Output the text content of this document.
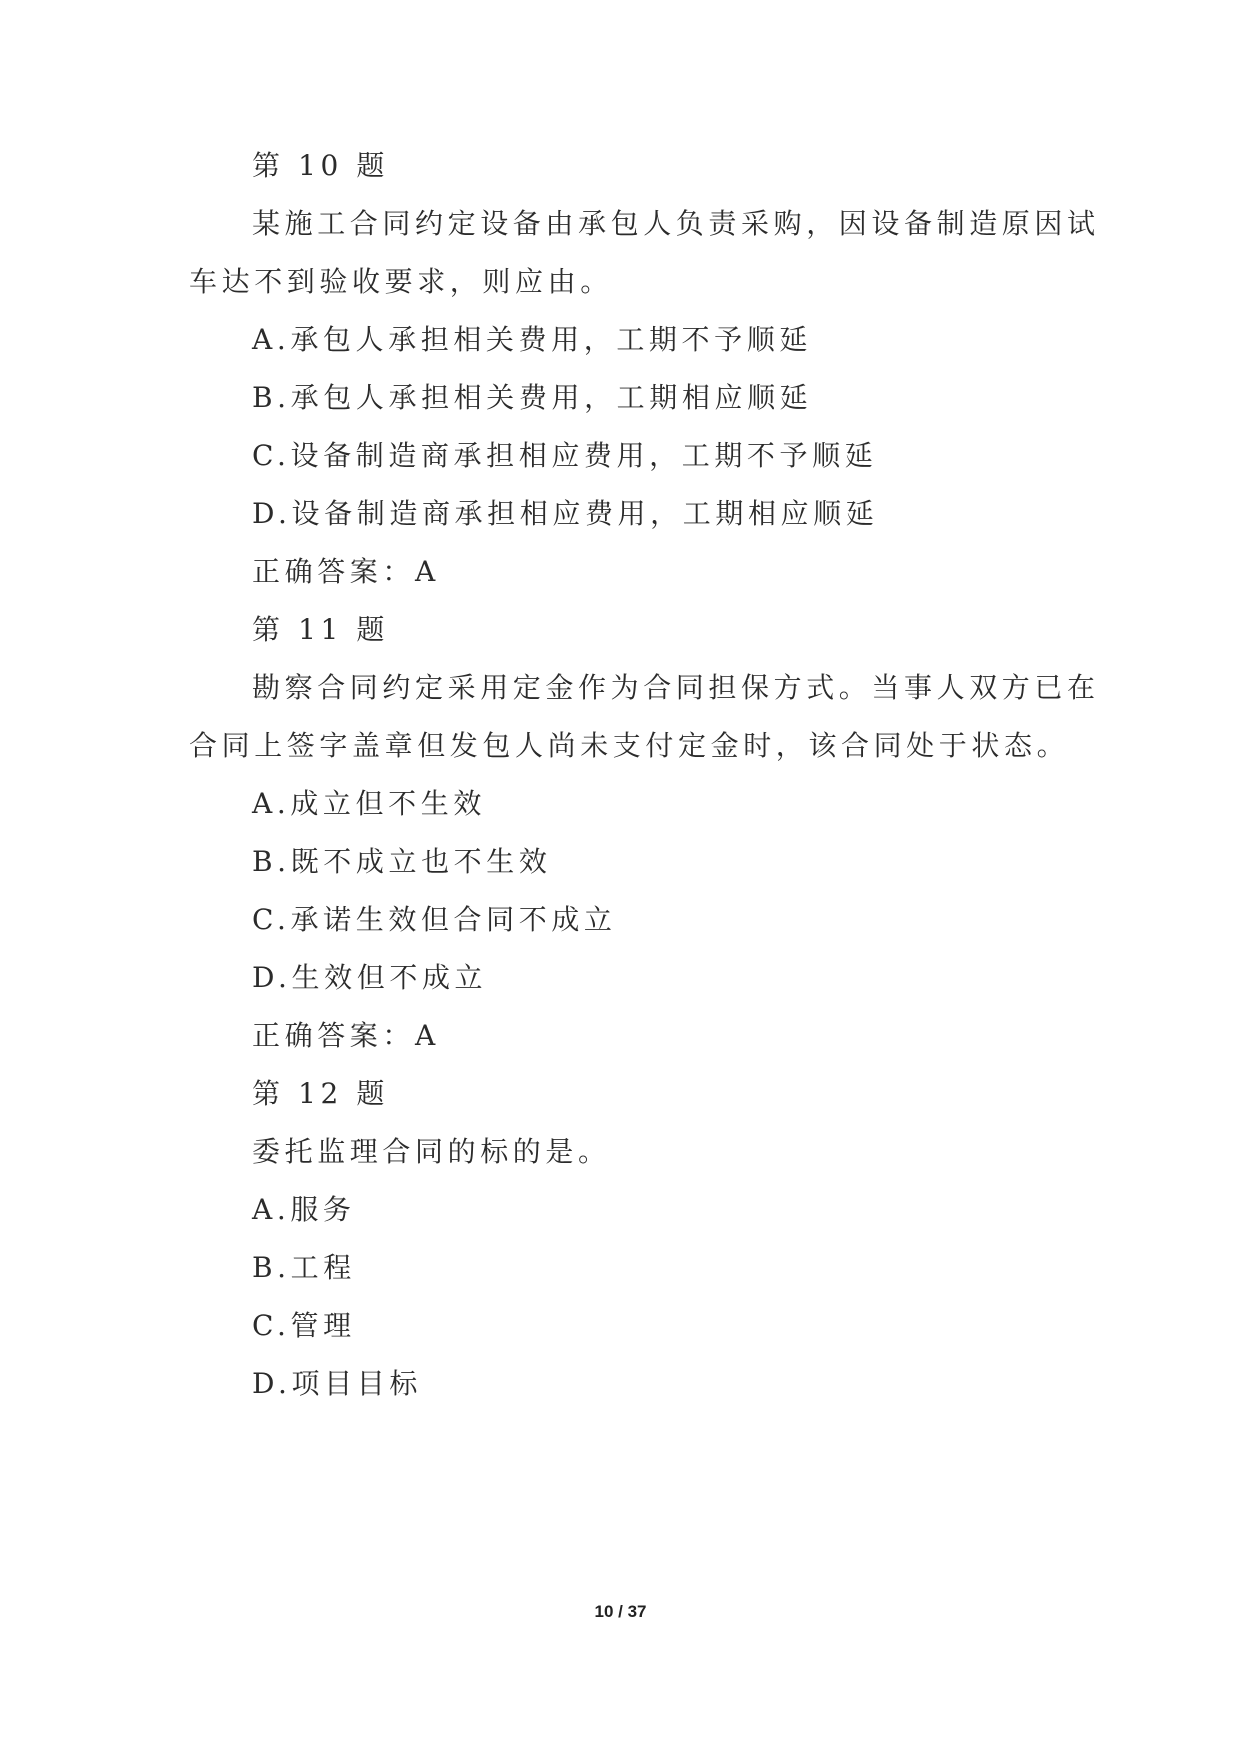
第 10 题
某施工合同约定设备由承包人负责采购，因设备制造原因试
车达不到验收要求，则应由。
A.承包人承担相关费用，工期不予顺延
B.承包人承担相关费用，工期相应顺延
C.设备制造商承担相应费用，工期不予顺延
D.设备制造商承担相应费用，工期相应顺延
正确答案：A
第 11 题
勘察合同约定采用定金作为合同担保方式。当事人双方已在
合同上签字盖章但发包人尚未支付定金时，该合同处于状态。
A.成立但不生效
B.既不成立也不生效
C.承诺生效但合同不成立
D.生效但不成立
正确答案：A
第 12 题
委托监理合同的标的是。
A.服务
B.工程
C.管理
D.项目目标
10 / 37
